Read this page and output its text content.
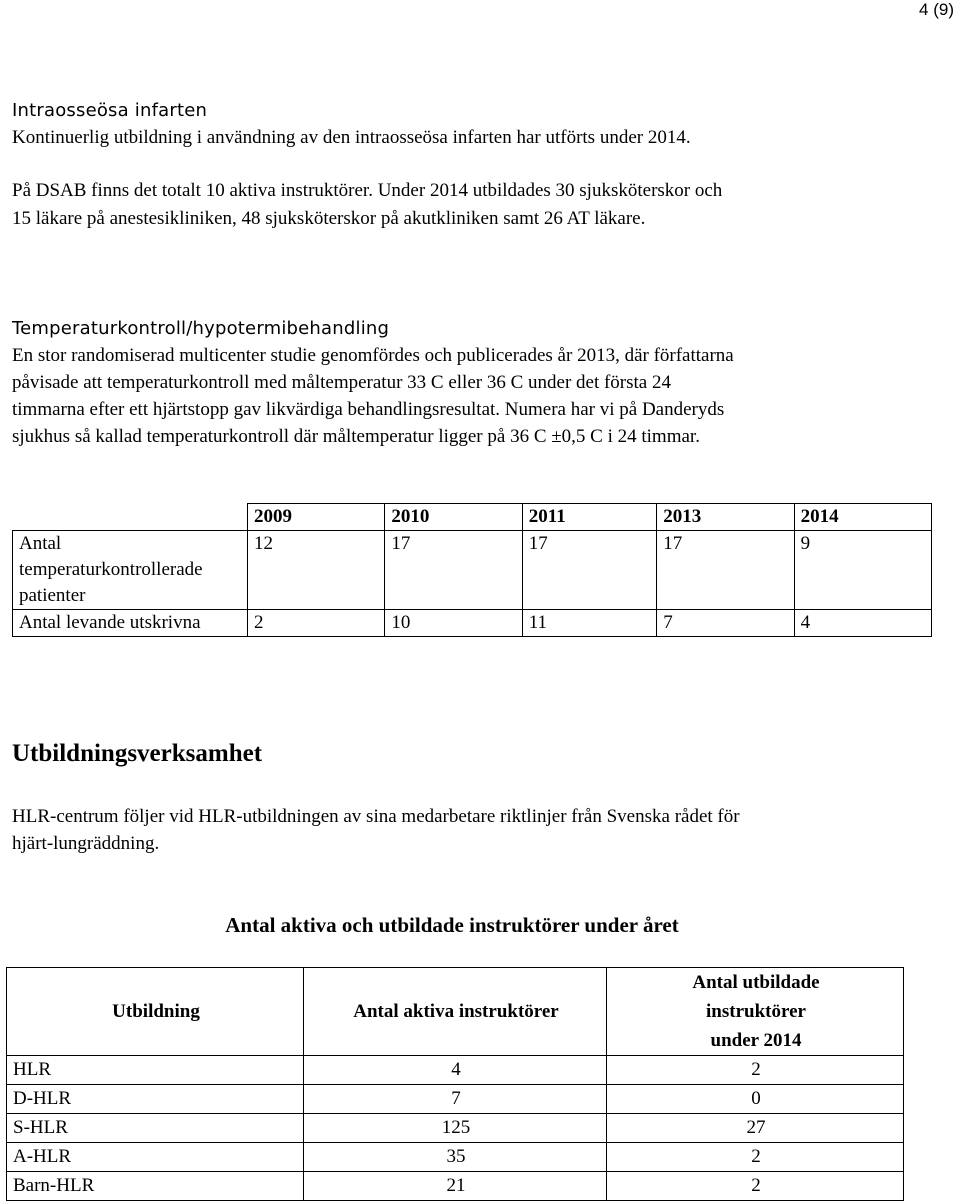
4 (9)
Intraosseösa infarten
Kontinuerlig utbildning i användning av den intraosseösa infarten har utförts under 2014.
På DSAB finns det totalt 10 aktiva instruktörer. Under 2014 utbildades 30 sjuksköterskor och
15 läkare på anestesikliniken, 48 sjuksköterskor på akutkliniken samt 26 AT läkare.
Temperaturkontroll/hypotermibehandling
En stor randomiserad multicenter studie genomfördes och publicerades år 2013, där författarna
påvisade att temperaturkontroll med måltemperatur 33 C eller 36 C under det första 24
timmarna efter ett hjärtstopp gav likvärdiga behandlingsresultat. Numera har vi på Danderyds
sjukhus så kallad temperaturkontroll där måltemperatur ligger på 36 C ±0,5 C i 24 timmar.
	2009	2010	2011	2013	2014

Antal
temperaturkontrollerade
patienter	12	17	17	17	9
Antal levande utskrivna	2	10	11	7	4
Utbildningsverksamhet
HLR-centrum följer vid HLR-utbildningen av sina medarbetare riktlinjer från Svenska rådet för
hjärt-lungräddning.
Antal aktiva och utbildade instruktörer under året
Utbildning	Antal aktiva instruktörer	Antal utbildade
instruktörer
under 2014

HLR	4	2
D-HLR	7	0
S-HLR	125	27
A-HLR	35	2
Barn-HLR	21	2
